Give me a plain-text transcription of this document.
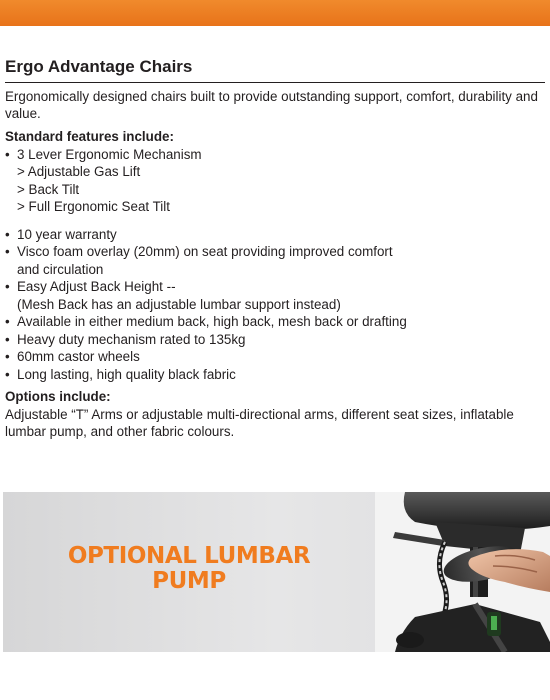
Ergo Advantage Chairs

Ergonomically designed chairs built to provide outstanding support, comfort, durability and value.

Standard features include:
• 3 Lever Ergonomic Mechanism
> Adjustable Gas Lift
> Back Tilt
> Full Ergonomic Seat Tilt
• 10 year warranty
• Visco foam overlay (20mm) on seat providing improved comfort
and circulation
• Easy Adjust Back Height --
(Mesh Back has an adjustable lumbar support instead)
• Available in either medium back, high back, mesh back or drafting
• Heavy duty mechanism rated to 135kg
• 60mm castor wheels
• Long lasting, high quality black fabric
Options include:

Adjustable “T” Arms or adjustable multi-directional arms, different seat sizes, inflatable lumbar pump, and other fabric colours.

OPTIONAL LUMBAR
PUMP
